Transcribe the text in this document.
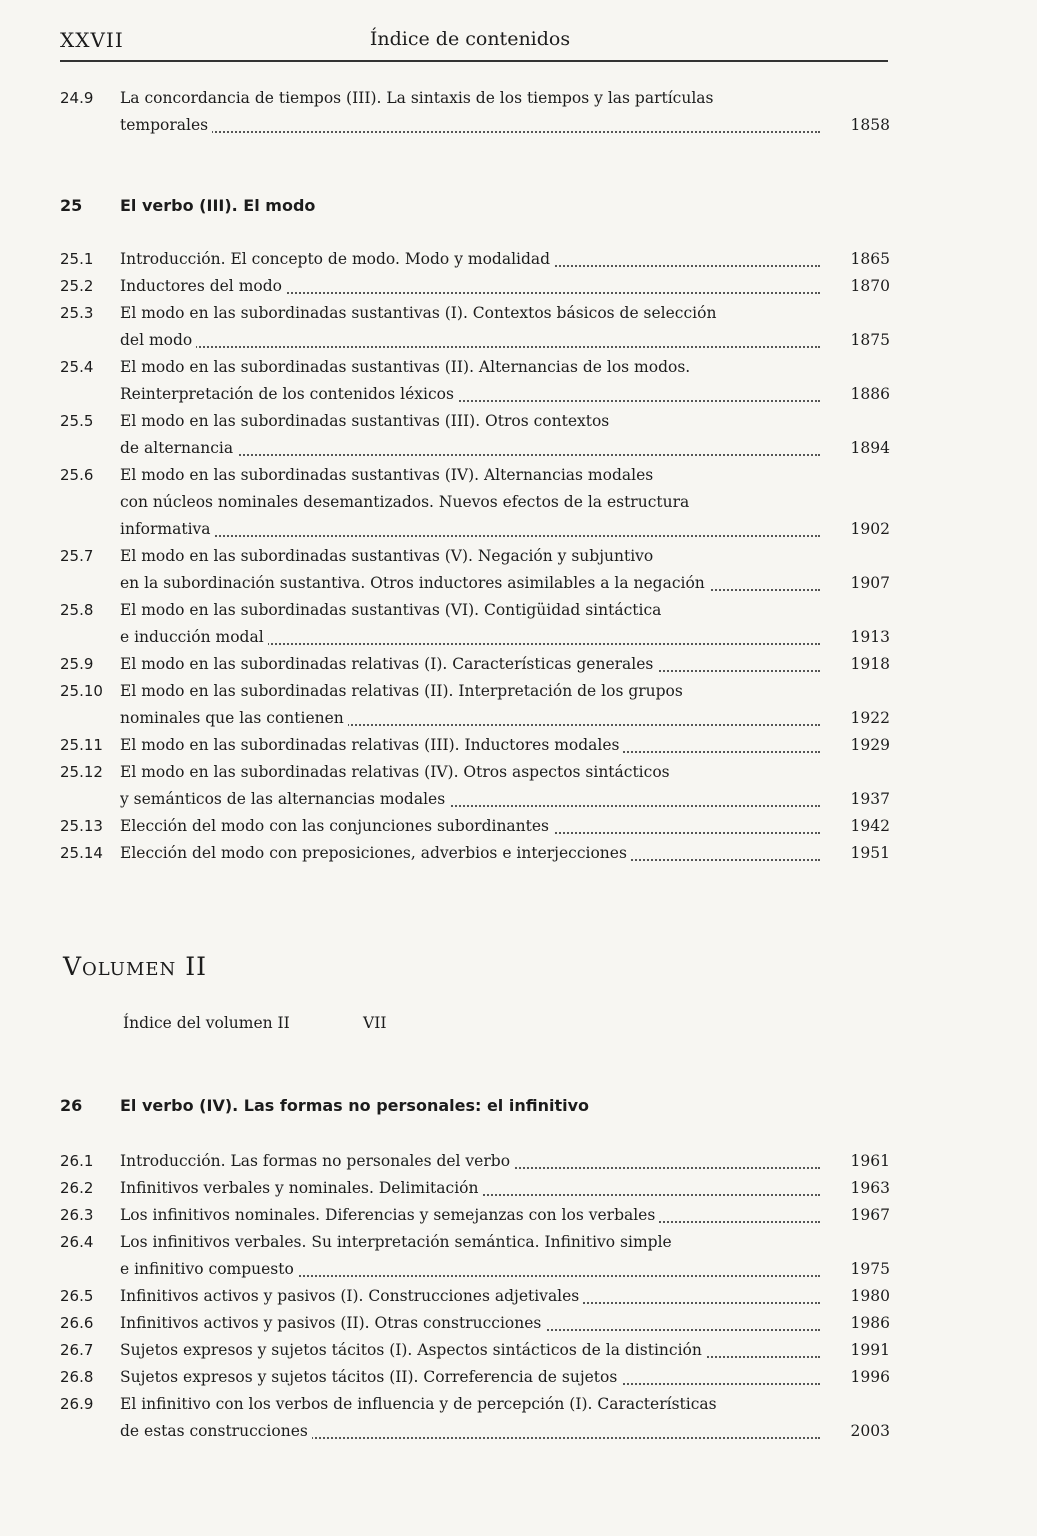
XXVII	Índice de contenidos
24.9	La concordancia de tiempos (III). La sintaxis de los tiempos y las partículas
temporales	1858
25 El verbo (III). El modo
25.1	Introducción. El concepto de modo. Modo y modalidad	1865
25.2	Inductores del modo	1870
25.3	El modo en las subordinadas sustantivas (I). Contextos básicos de selección
del modo	1875
25.4	El modo en las subordinadas sustantivas (II). Alternancias de los modos.
Reinterpretación de los contenidos léxicos	1886
25.5	El modo en las subordinadas sustantivas (III). Otros contextos
de alternancia	1894
25.6	El modo en las subordinadas sustantivas (IV). Alternancias modales
con núcleos nominales desemantizados. Nuevos efectos de la estructura
informativa	1902
25.7	El modo en las subordinadas sustantivas (V). Negación y subjuntivo
en la subordinación sustantiva. Otros inductores asimilables a la negación	1907
25.8	El modo en las subordinadas sustantivas (VI). Contigüidad sintáctica
e inducción modal	1913
25.9	El modo en las subordinadas relativas (I). Características generales	1918
25.10	El modo en las subordinadas relativas (II). Interpretación de los grupos
nominales que las contienen	1922
25.11	El modo en las subordinadas relativas (III). Inductores modales	1929
25.12	El modo en las subordinadas relativas (IV). Otros aspectos sintácticos
y semánticos de las alternancias modales	1937
25.13	Elección del modo con las conjunciones subordinantes	1942
25.14	Elección del modo con preposiciones, adverbios e interjecciones	1951
Volumen II
Índice del volumen II	VII
26 El verbo (IV). Las formas no personales: el infinitivo
26.1	Introducción. Las formas no personales del verbo	1961
26.2	Infinitivos verbales y nominales. Delimitación	1963
26.3	Los infinitivos nominales. Diferencias y semejanzas con los verbales	1967
26.4	Los infinitivos verbales. Su interpretación semántica. Infinitivo simple
e infinitivo compuesto	1975
26.5	Infinitivos activos y pasivos (I). Construcciones adjetivales	1980
26.6	Infinitivos activos y pasivos (II). Otras construcciones	1986
26.7	Sujetos expresos y sujetos tácitos (I). Aspectos sintácticos de la distinción	1991
26.8	Sujetos expresos y sujetos tácitos (II). Correferencia de sujetos	1996
26.9	El infinitivo con los verbos de influencia y de percepción (I). Características
de estas construcciones	2003
